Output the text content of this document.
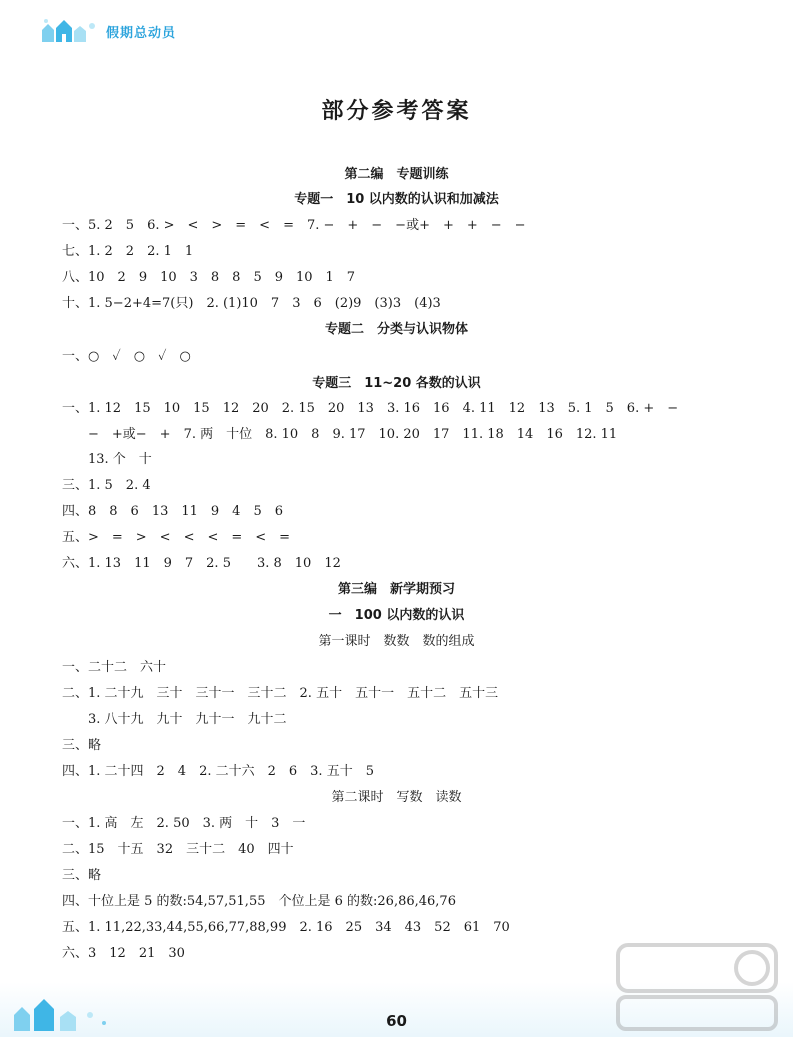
假期总动员
部分参考答案
第二编　专题训练
专题一　10 以内数的认识和加减法
一、5. 2　5　6. >　<　>　=　<　=　7. −　+　−　−或+　+　+　−　−
七、1. 2　2　2. 1　1
八、10　2　9　10　3　8　8　5　9　10　1　7
十、1. 5−2+4=7(只)　2. (1)10　7　3　6　(2)9　(3)3　(4)3
专题二　分类与认识物体
一、○　✓　○　✓　○
专题三　11~20 各数的认识
一、1. 12　15　10　15　12　20　2. 15　20　13　3. 16　16　4. 11　12　13　5. 1　5　6. +　−
　　−　+或−　+　7. 两　十位　8. 10　8　9. 17　10. 20　17　11. 18　14　16　12. 11
　　13. 个　十
三、1. 5　2. 4
四、8　8　6　13　11　9　4　5　6
五、>　=　>　<　<　<　=　<　=
六、1. 13　11　9　7　2. 5　　3. 8　10　12
第三编　新学期预习
一　100 以内数的认识
第一课时　数数　数的组成
一、二十二　六十
二、1. 二十九　三十　三十一　三十二　2. 五十　五十一　五十二　五十三
　　3. 八十九　九十　九十一　九十二
三、略
四、1. 二十四　2　4　2. 二十六　2　6　3. 五十　5
第二课时　写数　读数
一、1. 高　左　2. 50　3. 两　十　3　一
二、15　十五　32　三十二　40　四十
三、略
四、十位上是 5 的数:54,57,51,55　个位上是 6 的数:26,86,46,76
五、1. 11,22,33,44,55,66,77,88,99　2. 16　25　34　43　52　61　70
六、3　12　21　30
60
